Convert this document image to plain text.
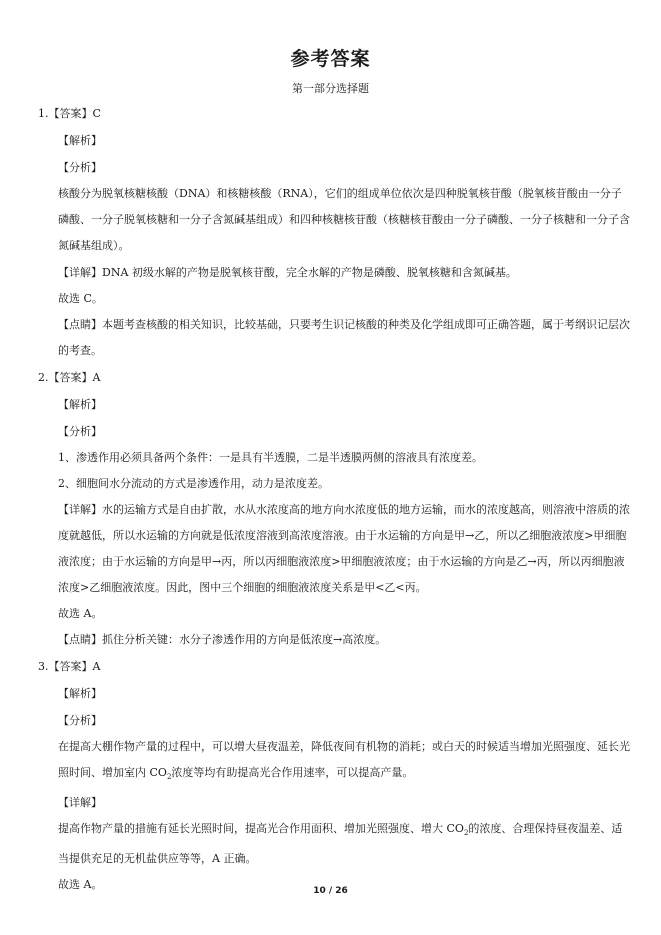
参考答案
第一部分选择题
1.【答案】C
【解析】
【分析】

核酸分为脱氧核糖核酸（DNA）和核糖核酸（RNA），它们的组成单位依次是四种脱氧核苷酸（脱氧核苷酸由一分子磷酸、一分子脱氧核糖和一分子含氮碱基组成）和四种核糖核苷酸（核糖核苷酸由一分子磷酸、一分子核糖和一分子含氮碱基组成）。

【详解】DNA 初级水解的产物是脱氧核苷酸，完全水解的产物是磷酸、脱氧核糖和含氮碱基。

故选 C。

【点睛】本题考查核酸的相关知识，比较基础，只要考生识记核酸的种类及化学组成即可正确答题，属于考纲识记层次的考查。

2.【答案】A
【解析】
【分析】

1、渗透作用必须具备两个条件：一是具有半透膜，二是半透膜两侧的溶液具有浓度差。

2、细胞间水分流动的方式是渗透作用，动力是浓度差。

【详解】水的运输方式是自由扩散，水从水浓度高的地方向水浓度低的地方运输，而水的浓度越高，则溶液中溶质的浓度就越低，所以水运输的方向就是低浓度溶液到高浓度溶液。由于水运输的方向是甲→乙，所以乙细胞液浓度>甲细胞液浓度；由于水运输的方向是甲→丙，所以丙细胞液浓度>甲细胞液浓度；由于水运输的方向是乙→丙，所以丙细胞液浓度>乙细胞液浓度。因此，图中三个细胞的细胞液浓度关系是甲<乙<丙。

故选 A。

【点睛】抓住分析关键：水分子渗透作用的方向是低浓度→高浓度。

3.【答案】A
【解析】
【分析】

在提高大棚作物产量的过程中，可以增大昼夜温差，降低夜间有机物的消耗；或白天的时候适当增加光照强度、延长光照时间、增加室内 $CO_2$浓度等均有助提高光合作用速率，可以提高产量。

【详解】

提高作物产量的措施有延长光照时间，提高光合作用面积、增加光照强度、增大 $CO_2$的浓度、合理保持昼夜温差、适当提供充足的无机盐供应等等，A 正确。

故选 A。	10 / 26
